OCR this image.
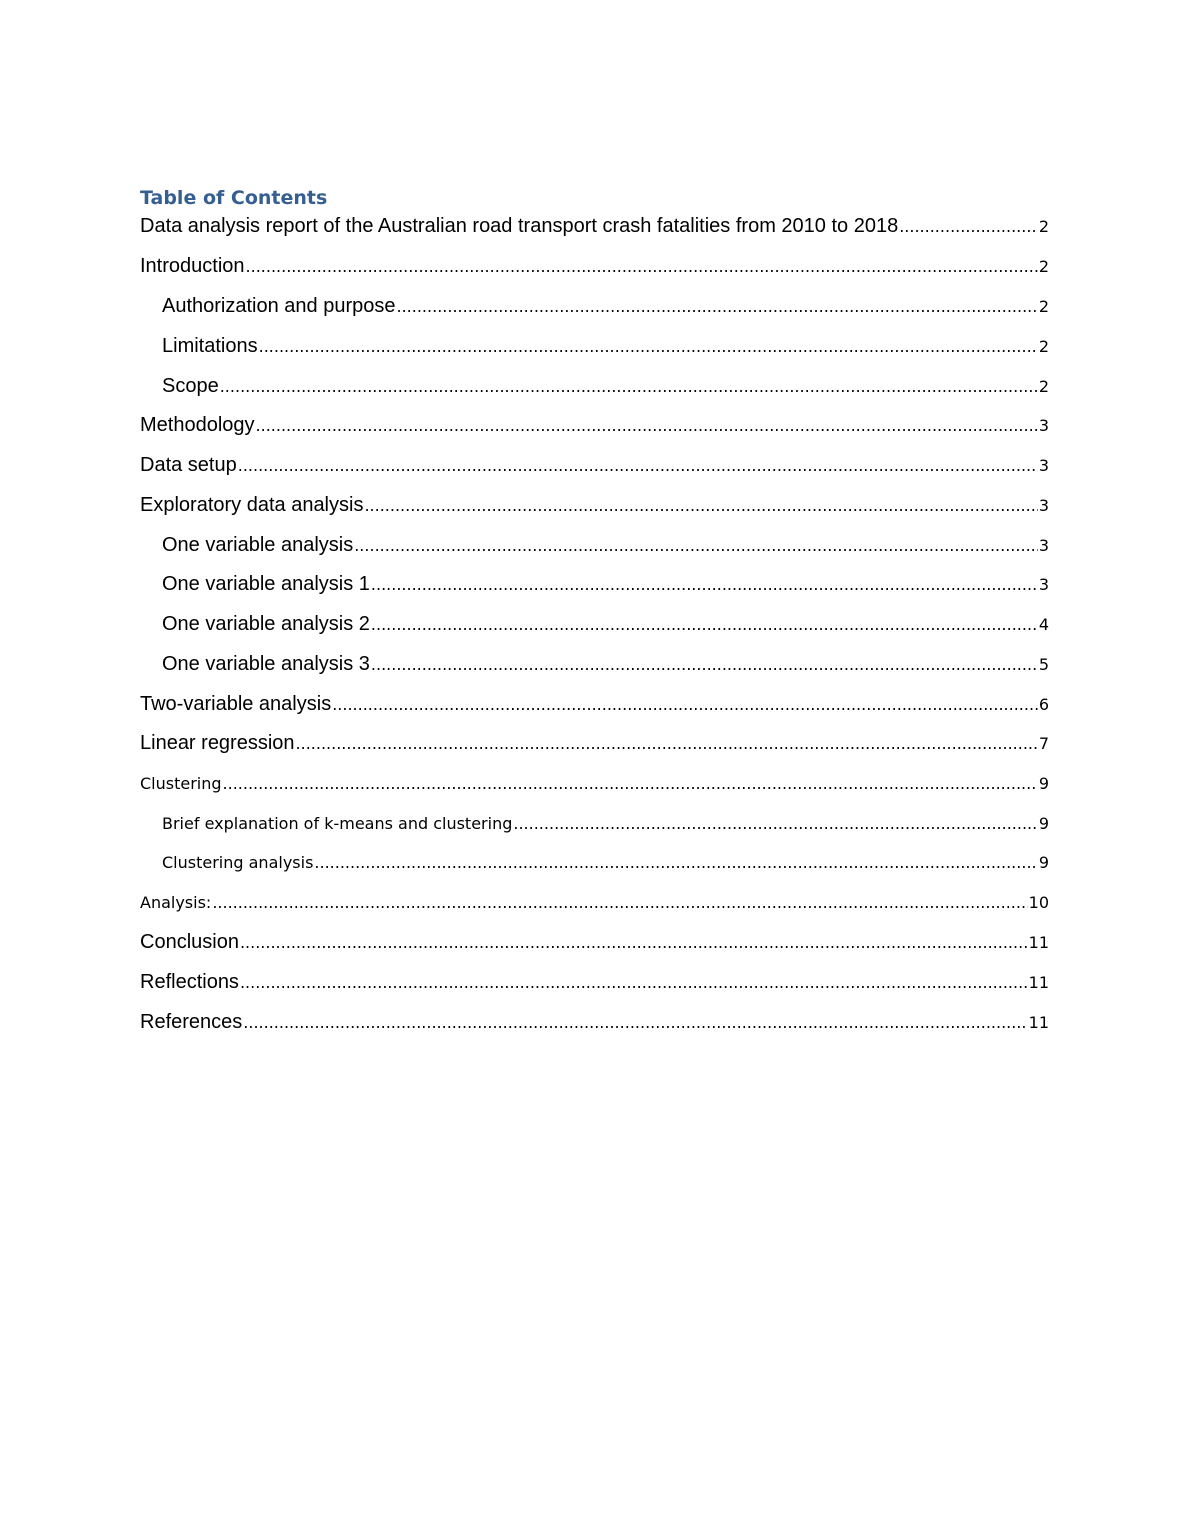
Table of Contents
Data analysis report of the Australian road transport crash fatalities from 2010 to 2018 .....	2
Introduction .....	2
Authorization and purpose .....	2
Limitations .....	2
Scope .....	2
Methodology .....	3
Data setup .....	3
Exploratory data analysis .....	3
One variable analysis .....	3
One variable analysis 1 .....	3
One variable analysis 2 .....	4
One variable analysis 3 .....	5
Two-variable analysis .....	6
Linear regression .....	7
Clustering .....	9
Brief explanation of k-means and clustering .....	9
Clustering analysis .....	9
Analysis: .....	10
Conclusion .....	11
Reflections .....	11
References .....	11
